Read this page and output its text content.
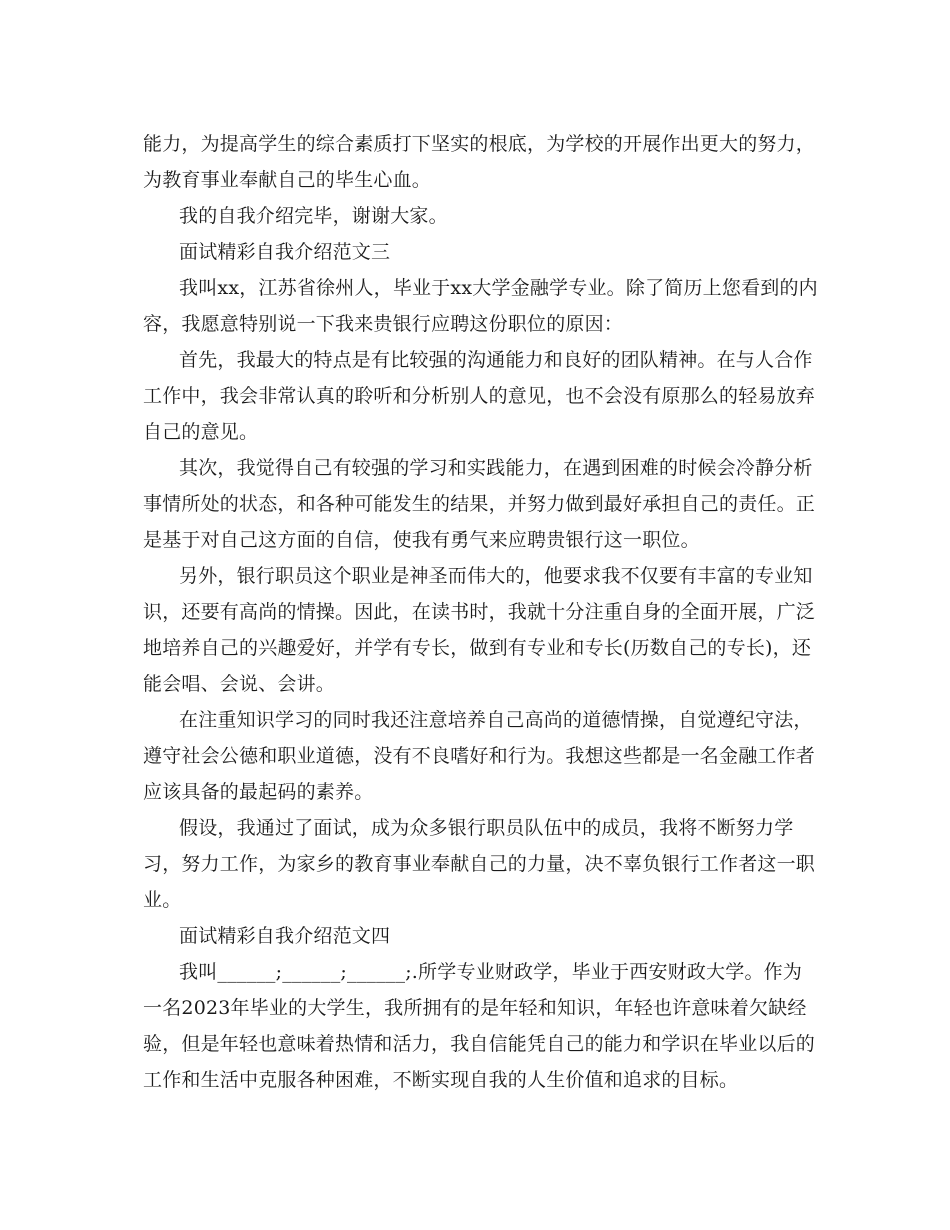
能力，为提高学生的综合素质打下坚实的根底，为学校的开展作出更大的努力，
为教育事业奉献自己的毕生心血。
我的自我介绍完毕，谢谢大家。
面试精彩自我介绍范文三
我叫xx，江苏省徐州人，毕业于xx大学金融学专业。除了简历上您看到的内
容，我愿意特别说一下我来贵银行应聘这份职位的原因：
首先，我最大的特点是有比较强的沟通能力和良好的团队精神。在与人合作
工作中，我会非常认真的聆听和分析别人的意见，也不会没有原那么的轻易放弃
自己的意见。
其次，我觉得自己有较强的学习和实践能力，在遇到困难的时候会冷静分析
事情所处的状态，和各种可能发生的结果，并努力做到最好承担自己的责任。正
是基于对自己这方面的自信，使我有勇气来应聘贵银行这一职位。
另外，银行职员这个职业是神圣而伟大的，他要求我不仅要有丰富的专业知
识，还要有高尚的情操。因此，在读书时，我就十分注重自身的全面开展，广泛
地培养自己的兴趣爱好，并学有专长，做到有专业和专长(历数自己的专长)，还
能会唱、会说、会讲。
在注重知识学习的同时我还注意培养自己高尚的道德情操，自觉遵纪守法，
遵守社会公德和职业道德，没有不良嗜好和行为。我想这些都是一名金融工作者
应该具备的最起码的素养。
假设，我通过了面试，成为众多银行职员队伍中的成员，我将不断努力学
习，努力工作，为家乡的教育事业奉献自己的力量，决不辜负银行工作者这一职
业。
面试精彩自我介绍范文四
我叫______;______;______;.所学专业财政学，毕业于西安财政大学。作为
一名2023年毕业的大学生，我所拥有的是年轻和知识，年轻也许意味着欠缺经
验，但是年轻也意味着热情和活力，我自信能凭自己的能力和学识在毕业以后的
工作和生活中克服各种困难，不断实现自我的人生价值和追求的目标。
